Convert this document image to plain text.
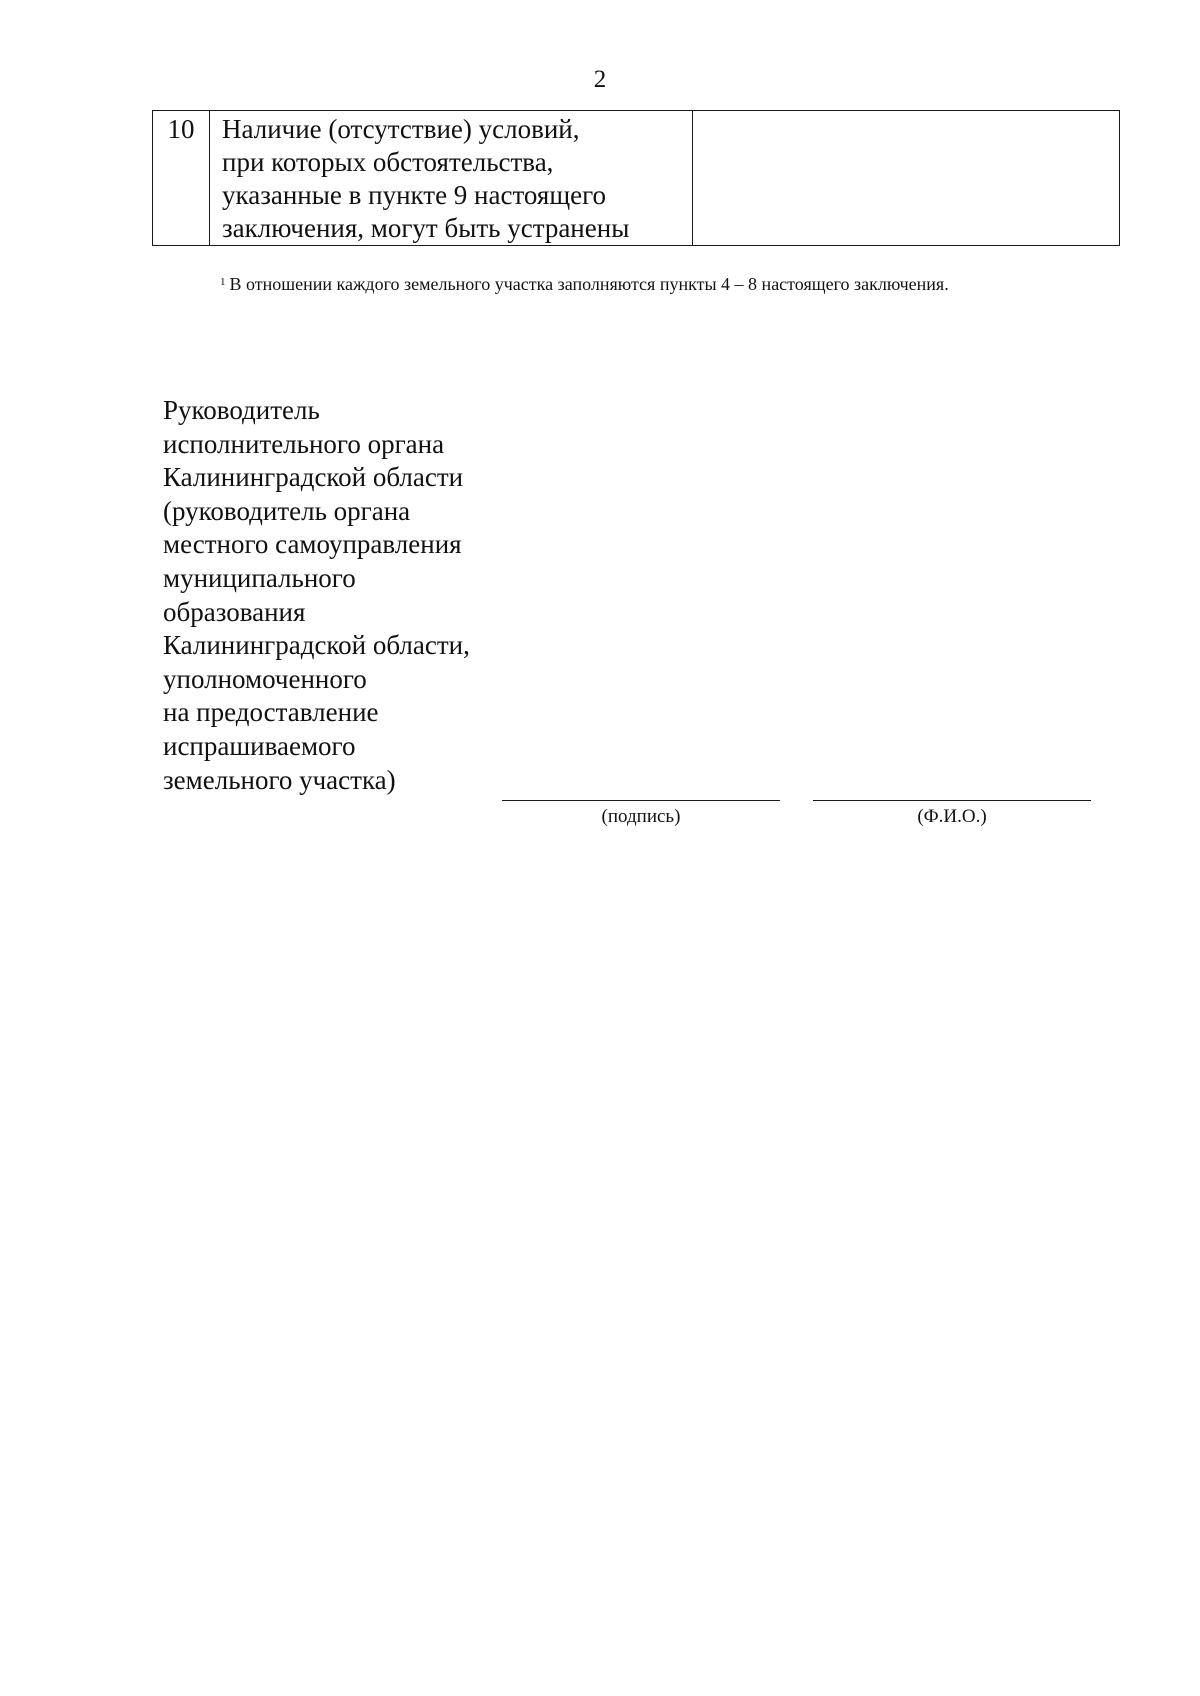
2
10	Наличие (отсутствие) условий,
при которых обстоятельства,
указанные в пункте 9 настоящего
заключения, могут быть устранены

$^1$ В отношении каждого земельного участка заполняются пункты 4 – 8 настоящего заключения.
Руководитель
исполнительного органа
Калининградской области
(руководитель органа
местного самоуправления
муниципального
образования
Калининградской области,
уполномоченного
на предоставление
испрашиваемого
земельного участка)
(подпись)	(Ф.И.О.)
